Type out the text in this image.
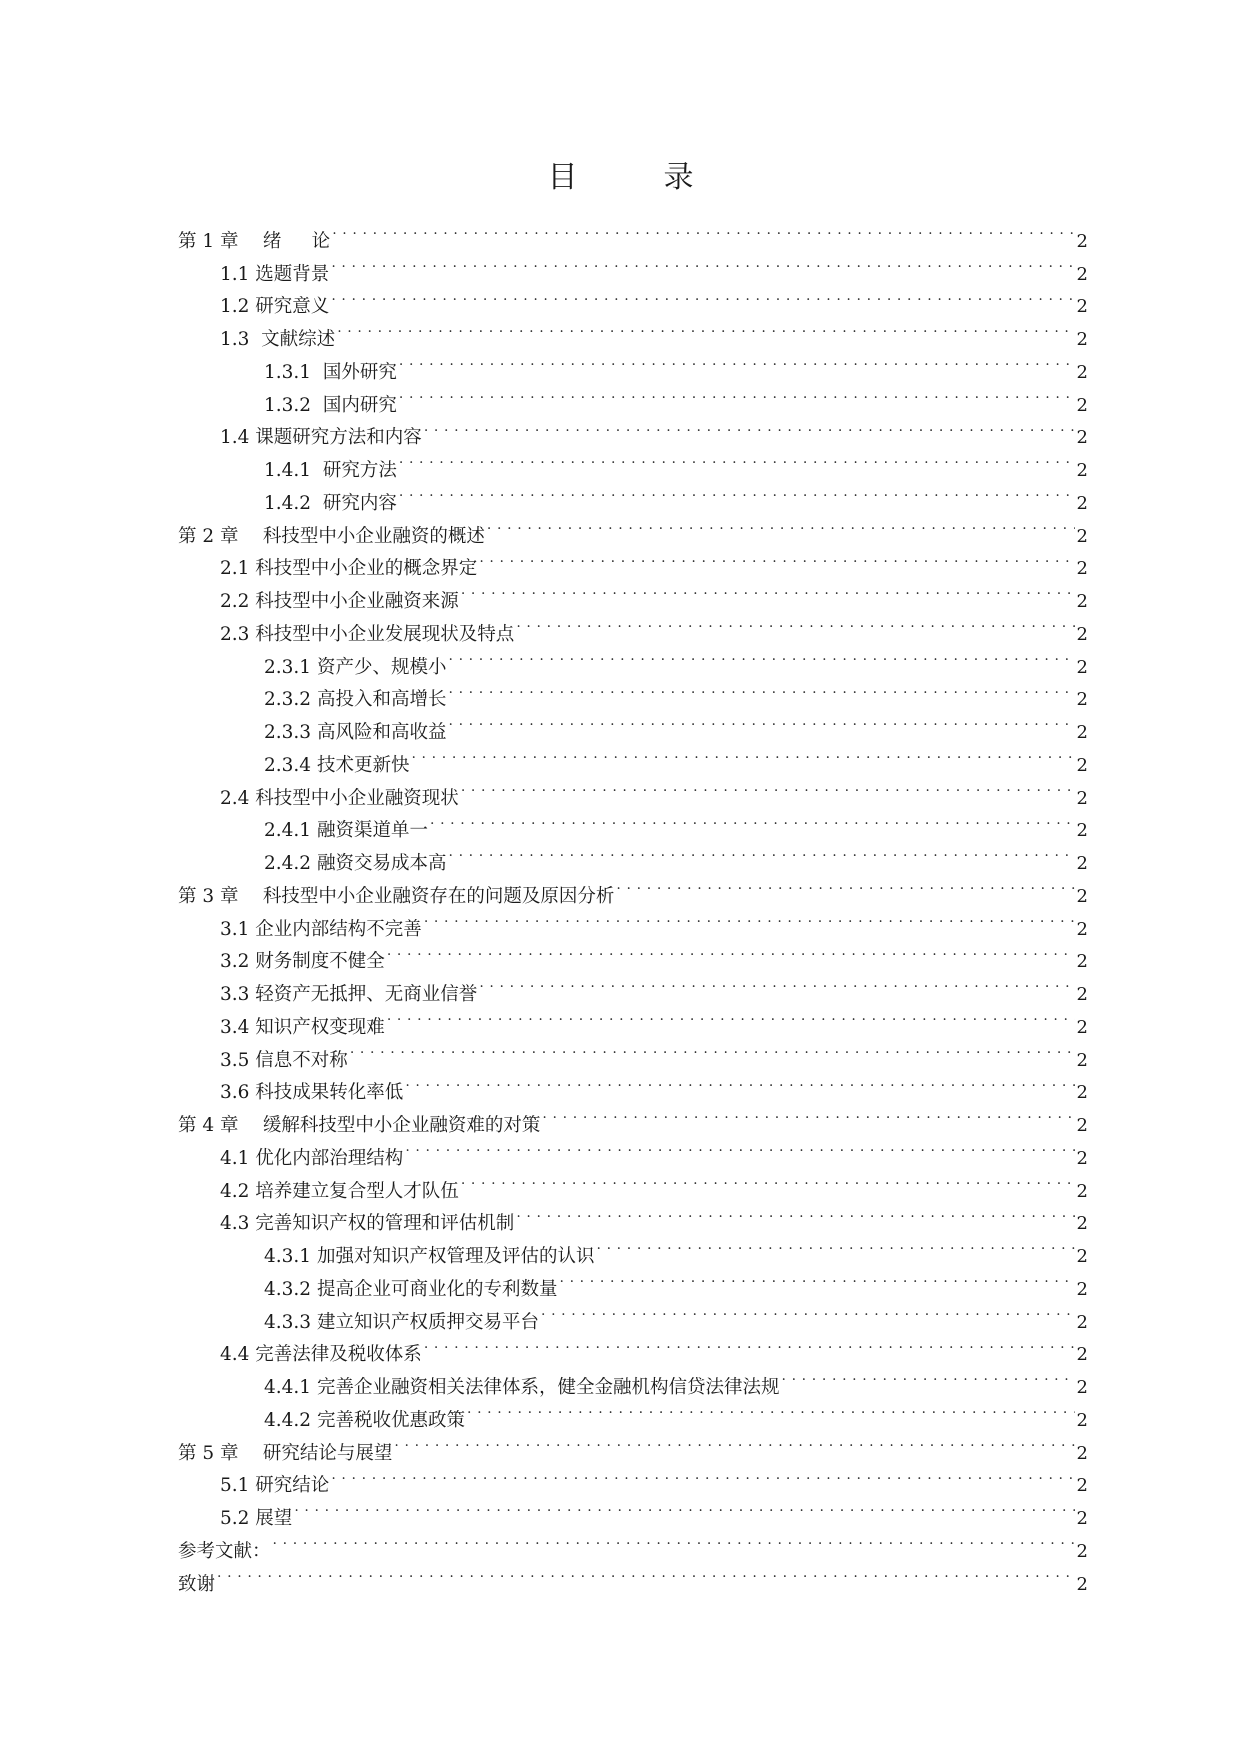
目　录
第 1 章　 绪　  论 . . .	2
1.1 选题背景 . . .	2
1.2 研究意义 . . .	2
1.3  文献综述 . . .	2
1.3.1  国外研究 . . .	2
1.3.2  国内研究 . . .	2
1.4 课题研究方法和内容 . . .	2
1.4.1  研究方法 . . .	2
1.4.2  研究内容 . . .	2
第 2 章　 科技型中小企业融资的概述 . . .	2
2.1 科技型中小企业的概念界定 . . .	2
2.2 科技型中小企业融资来源 . . .	2
2.3 科技型中小企业发展现状及特点 . . .	2
2.3.1 资产少、规模小 . . .	2
2.3.2 高投入和高增长 . . .	2
2.3.3 高风险和高收益 . . .	2
2.3.4 技术更新快 . . .	2
2.4 科技型中小企业融资现状 . . .	2
2.4.1 融资渠道单一 . . .	2
2.4.2 融资交易成本高 . . .	2
第 3 章　 科技型中小企业融资存在的问题及原因分析 . . .	2
3.1 企业内部结构不完善 . . .	2
3.2 财务制度不健全 . . .	2
3.3 轻资产无抵押、无商业信誉 . . .	2
3.4 知识产权变现难 . . .	2
3.5 信息不对称 . . .	2
3.6 科技成果转化率低 . . .	2
第 4 章　 缓解科技型中小企业融资难的对策 . . .	2
4.1 优化内部治理结构 . . .	2
4.2 培养建立复合型人才队伍 . . .	2
4.3 完善知识产权的管理和评估机制 . . .	2
4.3.1 加强对知识产权管理及评估的认识 . . .	2
4.3.2 提高企业可商业化的专利数量 . . .	2
4.3.3 建立知识产权质押交易平台 . . .	2
4.4 完善法律及税收体系 . . .	2
4.4.1 完善企业融资相关法律体系，健全金融机构信贷法律法规 . . .	2
4.4.2 完善税收优惠政策 . . .	2
第 5 章　 研究结论与展望 . . .	2
5.1 研究结论 . . .	2
5.2 展望 . . .	2
参考文献： . . .	2
致谢 . . .	2
